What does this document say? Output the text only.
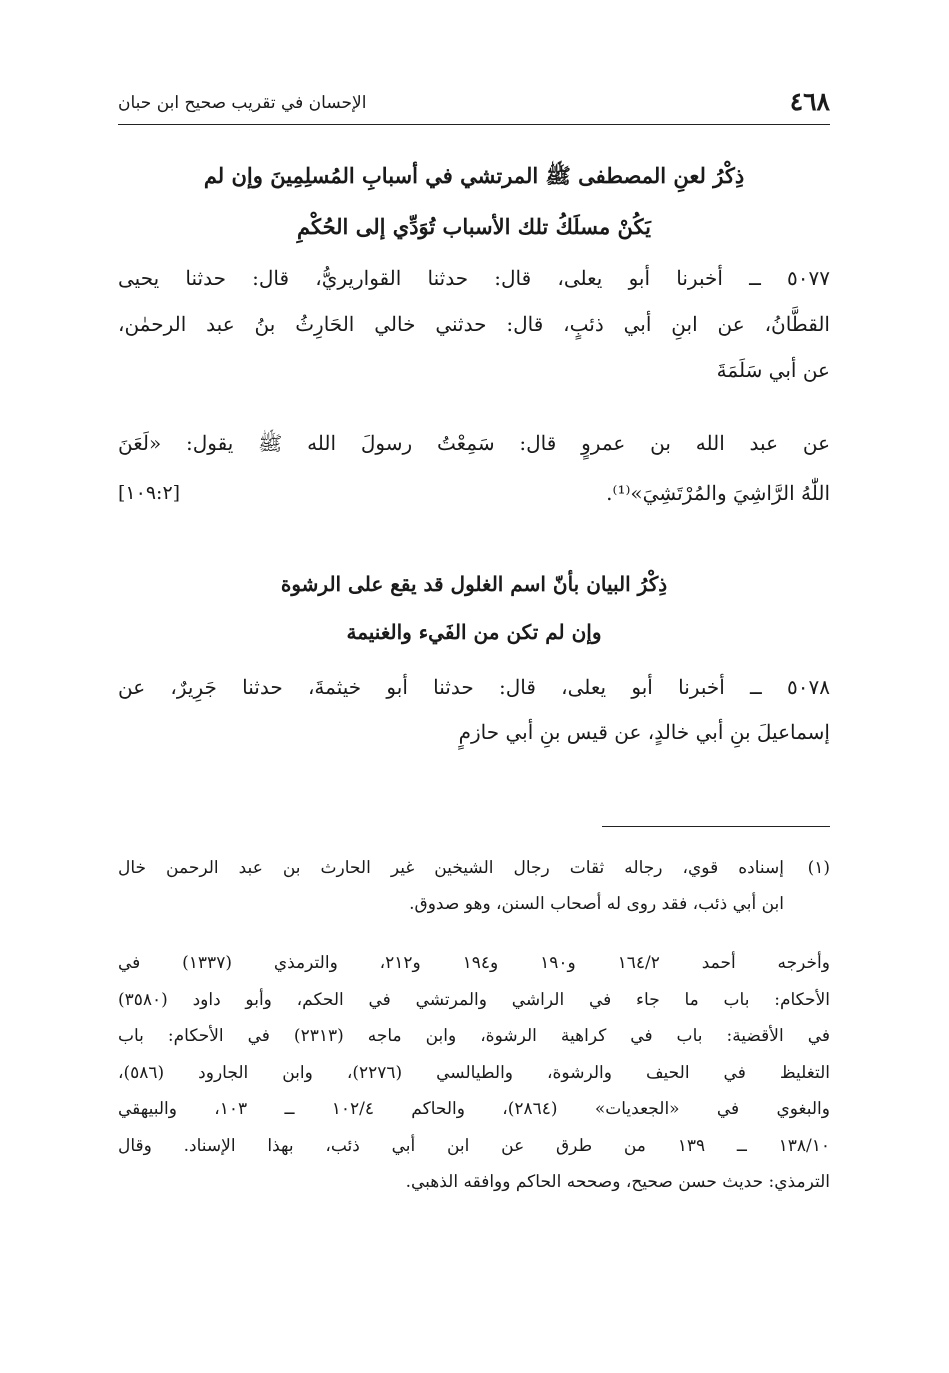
٤٦٨
الإحسان في تقريب صحيح ابن حبان
ذِكْرُ لعنِ المصطفى ﷺ المرتشي في أسبابِ المُسلِمِينَ وإن لم
يَكُنْ مسلَكُ تلك الأسباب تُوَدِّي إلى الحُكْمِ
٥٠٧٧ ــ أخبرنا أبو يعلى، قال: حدثنا القواريريُّ، قال: حدثنا يحيى
القطَّانُ، عن ابنِ أبي ذئبٍ، قال: حدثني خالي الحَارِثُ بنُ عبد الرحمٰن،
عن أبي سَلَمَةَ
عن عبد الله بن عمروٍ قال: سَمِعْتُ رسولَ الله ﷺ يقول: «لَعَنَ
اللّٰهُ الرَّاشِيَ والمُرْتَشِيَ»⁽¹⁾.
[١٠٩:٢]
ذِكْرُ البيان بأنّ اسم الغلول قد يقع على الرشوة
وإن لم تكن من الفَيء والغنيمة
٥٠٧٨ ــ أخبرنا أبو يعلى، قال: حدثنا أبو خيثمةَ، حدثنا جَرِيرٌ، عن
إسماعيلَ بنِ أبي خالدٍ، عن قيس بنِ أبي حازمٍ
(١)
إسناده قوي، رجاله ثقات رجال الشيخين غير الحارث بن عبد الرحمن خال
ابن أبي ذئب، فقد روى له أصحاب السنن، وهو صدوق.
وأخرجه أحمد ١٦٤/٢ و١٩٠ و١٩٤ و٢١٢، والترمذي (١٣٣٧) في
الأحكام: باب ما جاء في الراشي والمرتشي في الحكم، وأبو داود (٣٥٨٠)
في الأقضية: باب في كراهية الرشوة، وابن ماجه (٢٣١٣) في الأحكام: باب
التغليظ في الحيف والرشوة، والطيالسي (٢٢٧٦)، وابن الجارود (٥٨٦)،
والبغوي في «الجعديات» (٢٨٦٤)، والحاكم ١٠٢/٤ ــ ١٠٣، والبيهقي
١٣٨/١٠ ــ ١٣٩ من طرق عن ابن أبي ذئب، بهذا الإسناد. وقال
الترمذي: حديث حسن صحيح، وصححه الحاكم ووافقه الذهبي.
